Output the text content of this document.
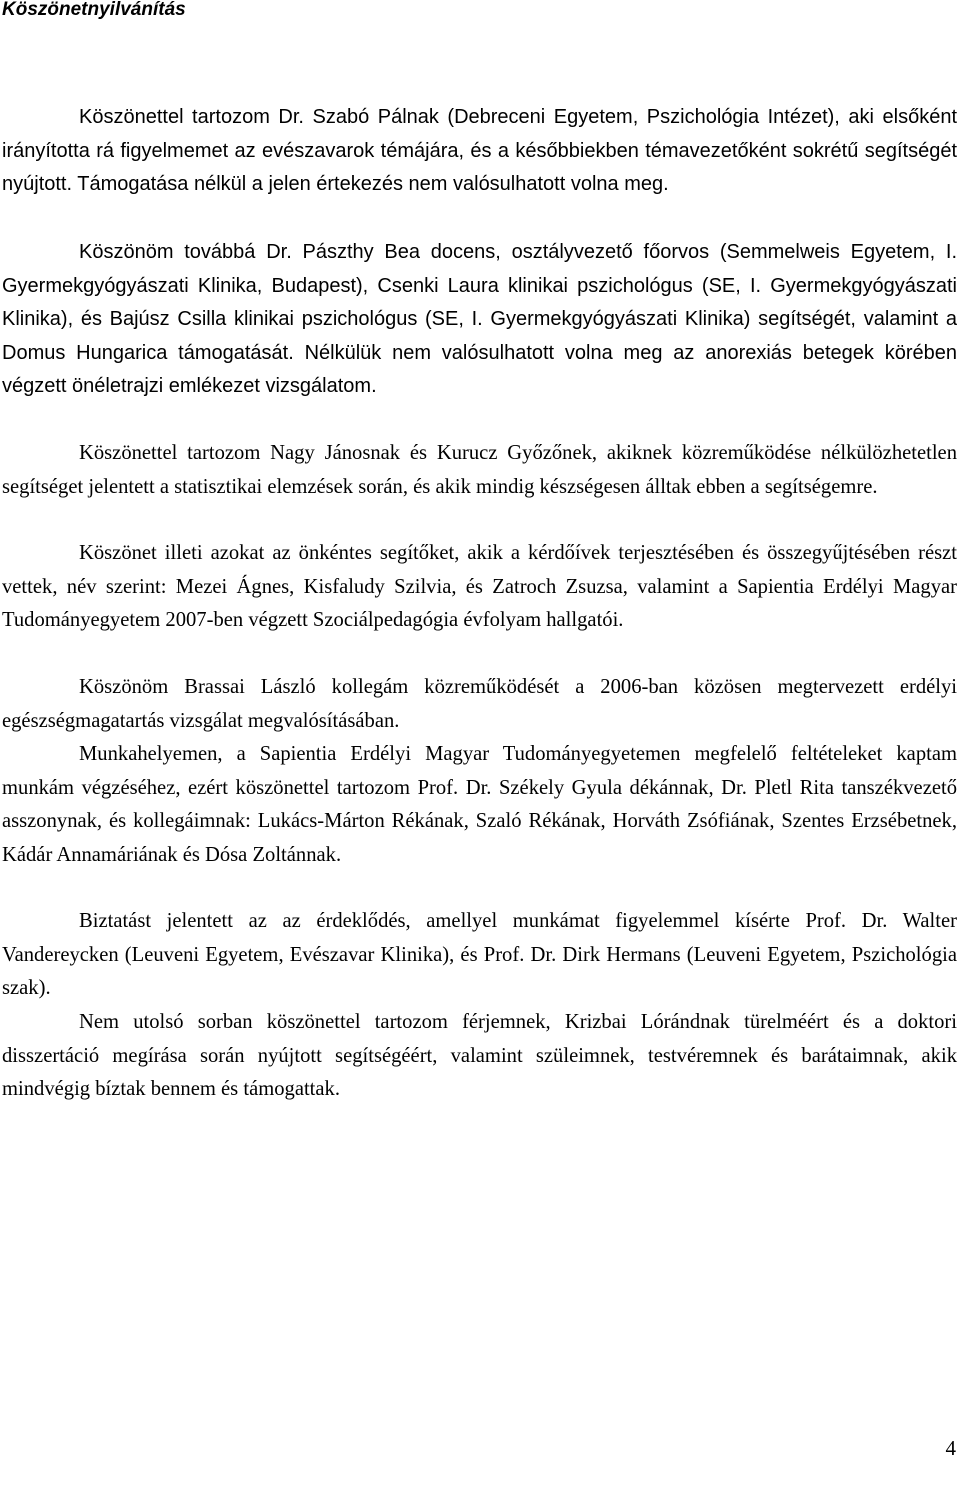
Köszönetnyilvánítás

Köszönettel tartozom Dr. Szabó Pálnak (Debreceni Egyetem, Pszichológia Intézet), aki elsőként irányította rá figyelmemet az evészavarok témájára, és a későbbiekben témavezetőként sokrétű segítségét nyújtott. Támogatása nélkül a jelen értekezés nem valósulhatott volna meg.

Köszönöm továbbá Dr. Pászthy Bea docens, osztályvezető főorvos (Semmelweis Egyetem, I. Gyermekgyógyászati Klinika, Budapest), Csenki Laura klinikai pszichológus (SE, I. Gyermekgyógyászati Klinika), és Bajúsz Csilla klinikai pszichológus (SE, I. Gyermekgyógyászati Klinika) segítségét, valamint a Domus Hungarica támogatását. Nélkülük nem valósulhatott volna meg az anorexiás betegek körében végzett önéletrajzi emlékezet vizsgálatom.

Köszönettel tartozom Nagy Jánosnak és Kurucz Győzőnek, akiknek közreműködése nélkülözhetetlen segítséget jelentett a statisztikai elemzések során, és akik mindig készségesen álltak ebben a segítségemre.

Köszönet illeti azokat az önkéntes segítőket, akik a kérdőívek terjesztésében és összegyűjtésében részt vettek, név szerint: Mezei Ágnes, Kisfaludy Szilvia, és Zatroch Zsuzsa, valamint a Sapientia Erdélyi Magyar Tudományegyetem 2007-ben végzett Szociálpedagógia évfolyam hallgatói.

Köszönöm Brassai László kollegám közreműködését a 2006-ban közösen megtervezett erdélyi egészségmagatartás vizsgálat megvalósításában.

Munkahelyemen, a Sapientia Erdélyi Magyar Tudományegyetemen megfelelő feltételeket kaptam munkám végzéséhez, ezért köszönettel tartozom Prof. Dr. Székely Gyula dékánnak, Dr. Pletl Rita tanszékvezető asszonynak, és kollegáimnak: Lukács-Márton Rékának, Szaló Rékának, Horváth Zsófiának, Szentes Erzsébetnek, Kádár Annamáriának és Dósa Zoltánnak.

Biztatást jelentett az az érdeklődés, amellyel munkámat figyelemmel kísérte Prof. Dr. Walter Vandereycken (Leuveni Egyetem, Evészavar Klinika), és Prof. Dr. Dirk Hermans (Leuveni Egyetem, Pszichológia szak).

Nem utolsó sorban köszönettel tartozom férjemnek, Krizbai Lórándnak türelméért és a doktori disszertáció megírása során nyújtott segítségéért, valamint szüleimnek, testvéremnek és barátaimnak, akik mindvégig bíztak bennem és támogattak.

4
